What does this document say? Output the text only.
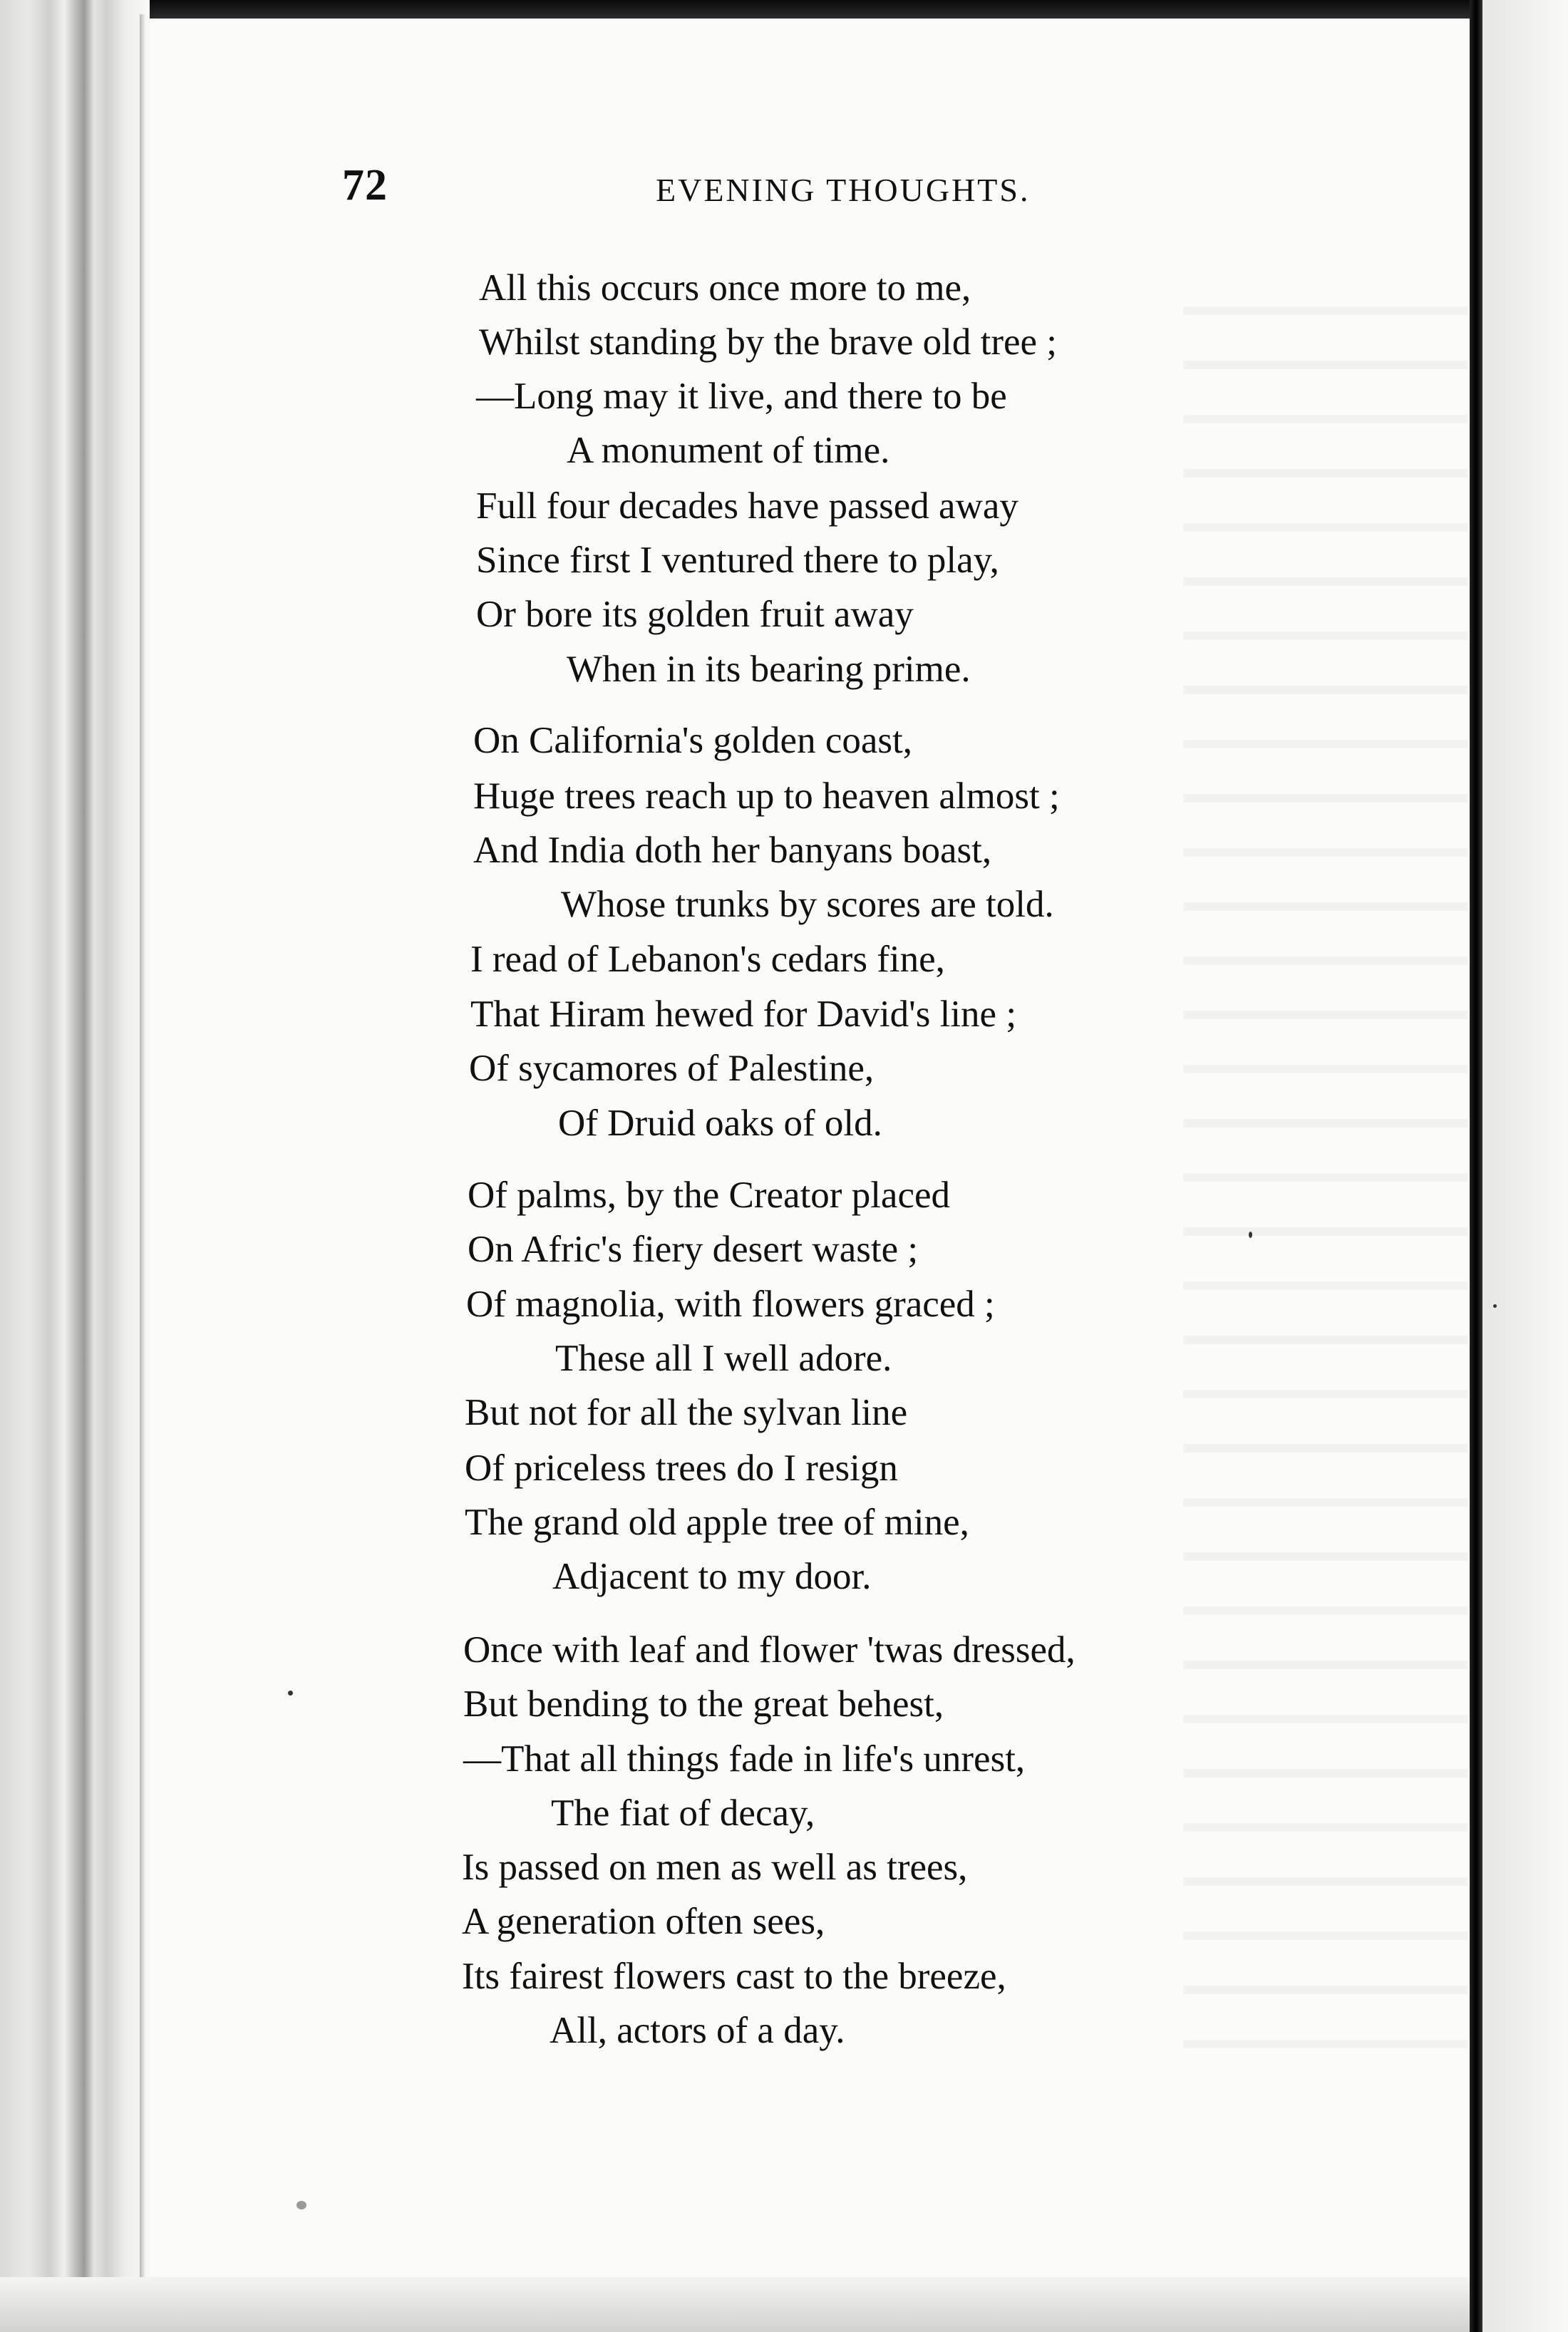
72	EVENING THOUGHTS.
All this occurs once more to me,
Whilst standing by the brave old tree ;
—Long may it live, and there to be
A monument of time.
Full four decades have passed away
Since first I ventured there to play,
Or bore its golden fruit away
When in its bearing prime.
On California's golden coast,
Huge trees reach up to heaven almost ;
And India doth her banyans boast,
Whose trunks by scores are told.
I read of Lebanon's cedars fine,
That Hiram hewed for David's line ;
Of sycamores of Palestine,
Of Druid oaks of old.
Of palms, by the Creator placed
On Afric's fiery desert waste ;
Of magnolia, with flowers graced ;
These all I well adore.
But not for all the sylvan line
Of priceless trees do I resign
The grand old apple tree of mine,
Adjacent to my door.
Once with leaf and flower 'twas dressed,
But bending to the great behest,
—That all things fade in life's unrest,
The fiat of decay,
Is passed on men as well as trees,
A generation often sees,
Its fairest flowers cast to the breeze,
All, actors of a day.
